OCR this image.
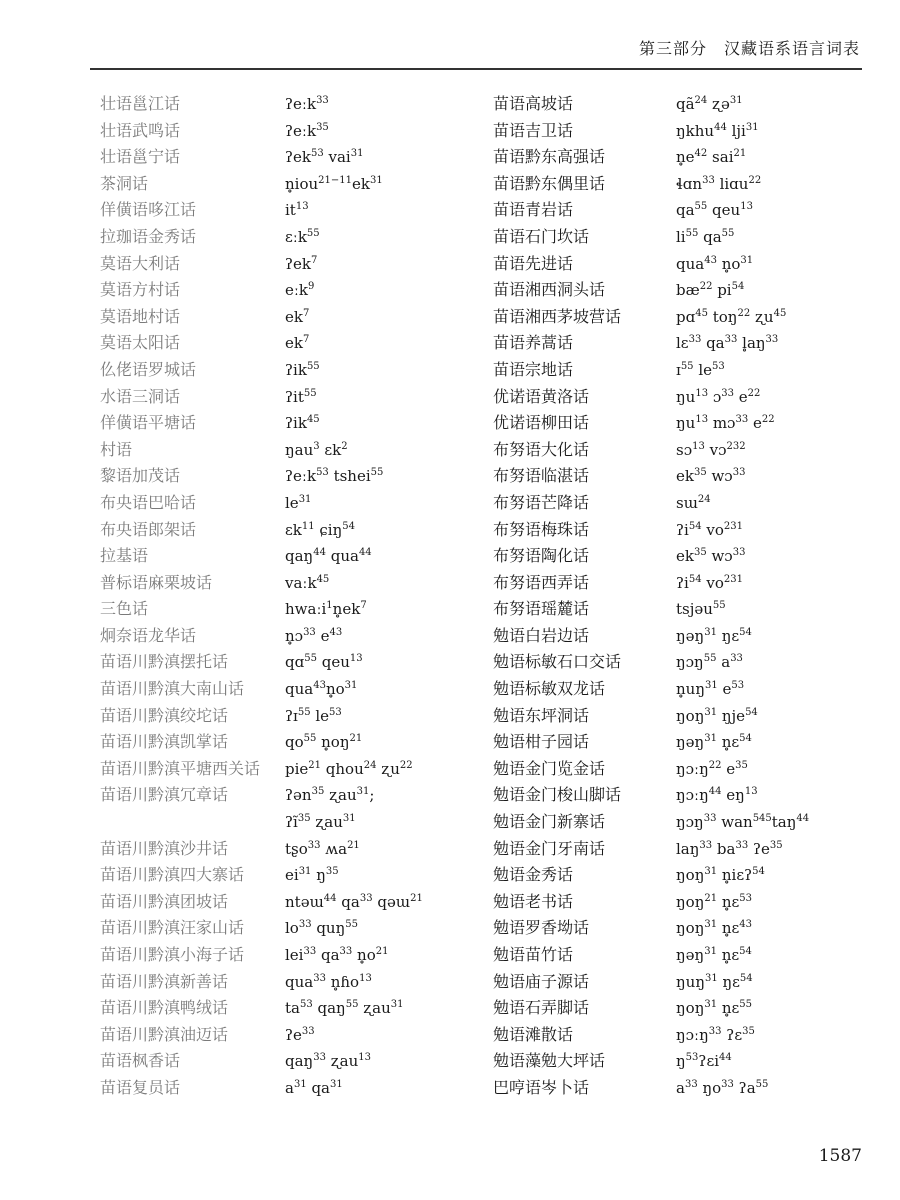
第三部分　汉藏语系语言词表
壮语邕江话	ʔeːk$^{33}$
壮语武鸣话	ʔeːk$^{35}$
壮语邕宁话	ʔek$^{53}$ vai$^{31}$
茶洞话	$n̥iou^{21-11}ek^{31}$
佯僙语哆江话	$it^{13}$
拉珈语金秀话	ɛːk$^{55}$
莫语大利话	ʔek$^7$
莫语方村话	eːk$^9$
莫语地村话	$ek^7$
莫语太阳话	$ek^7$
仫佬语罗城话	ʔik$^{55}$
水语三洞话	ʔit$^{55}$
佯僙语平塘话	ʔik$^{45}$
村语	ŋau$^3$ ɛk$^2$
黎语加茂话	ʔeːk$^{53}$ tshei$^{55}$
布央语巴哈话	$le^{31}$
布央语郎架话	ɛk$^{11}$ ɕiŋ$^{54}$
拉基语	qaŋ$^{44}$ qua$^{44}$
普标语麻栗坡话	vaːk$^{45}$
三色话	$hwaːi^1n̥ek^7$
炯奈语龙华话	n̥ɔ$^{33}$ $e^{43}$
苗语川黔滇摆托话	qɑ$^{55}$ qeu$^{13}$
苗语川黔滇大南山话	$qua^{43}n̥o^{31}$
苗语川黔滇绞坨话	ʔɪ$^{55}$ $le^{53}$
苗语川黔滇凯掌话	$qo^{55}$ $n̥oŋ^{21}$
苗语川黔滇平塘西关话 pie$^{21}$ qhou$^{24}$ ʐu$^{22}$
苗语川黔滇冗章话	ʔən$^{35}$ ʐau$^{31}$;
ʔĩ$^{35}$ ʐau$^{31}$
苗语川黔滇沙井话	tʂo$^{33}$ ʍa$^{21}$
苗语川黔滇四大寨话	$ei^{31}$ $ŋ^{35}$
苗语川黔滇团坡话	ntəɯ$^{44}$ $qa^{33}$ qəɯ$^{21}$
苗语川黔滇汪家山话	$lo^{33}$ quŋ$^{55}$
苗语川黔滇小海子话	lei$^{33}$ $qa^{33}$ $n̥o^{21}$
苗语川黔滇新善话	qua$^{33}$ n̥ɦo$^{13}$
苗语川黔滇鸭绒话	$ta^{53}$ qaŋ$^{55}$ ʐau$^{31}$
苗语川黔滇油迈话	ʔe$^{33}$
苗语枫香话	qaŋ$^{33}$ ʐau$^{13}$
苗语复员话	$a^{31}$ $qa^{31}$
苗语高坡话	$qã^{24}$ ʐə$^{31}$
苗语吉卫话	ŋkhu$^{44}$ lji$^{31}$
苗语黔东高强话	$n̥e^{42}$ sai$^{21}$
苗语黔东偶里话	ɬɑn$^{33}$ liɑu$^{22}$
苗语青岩话	$qa^{55}$ qeu$^{13}$
苗语石门坎话	$li^{55}$ $qa^{55}$
苗语先进话	qua$^{43}$ $n̥o^{31}$
苗语湘西洞头话	$bæ^{22}$ $pi^{54}$
苗语湘西茅坡营话	pɑ$^{45}$ toŋ$^{22}$ ʐu$^{45}$
苗语养蒿话	lɛ$^{33}$ $qa^{33}$ $l̥aŋ^{33}$
苗语宗地话	ɪ$^{55}$ $le^{53}$
优诺语黄洛话	$ŋu^{13}$ ɔ$^{33}$ $e^{22}$
优诺语柳田话	$ŋu^{13}$ mɔ$^{33}$ $e^{22}$
布努语大化话	sɔ$^{13}$ vɔ$^{232}$
布努语临湛话	$ek^{35}$ wɔ$^{33}$
布努语芒降话	sɯ$^{24}$
布努语梅珠话	ʔi$^{54}$ $vo^{231}$
布努语陶化话	$ek^{35}$ wɔ$^{33}$
布努语西弄话	ʔi$^{54}$ $vo^{231}$
布努语瑶麓话	tsjəu$^{55}$
勉语白岩边话	ŋəŋ$^{31}$ ŋɛ$^{54}$
勉语标敏石口交话	ŋɔŋ$^{55}$ $a^{33}$
勉语标敏双龙话	$n̥uŋ^{31}$ $e^{53}$
勉语东坪洞话	ŋoŋ$^{31}$ ŋje$^{54}$
勉语柑子园话	ŋəŋ$^{31}$ n̥ɛ$^{54}$
勉语金门览金话	ŋɔːŋ$^{22}$ $e^{35}$
勉语金门梭山脚话	ŋɔːŋ$^{44}$ $eŋ^{13}$
勉语金门新寨话	ŋɔŋ$^{33}$ wan$^{545}$taŋ$^{44}$
勉语金门牙南话	laŋ$^{33}$ $ba^{33}$ ʔe$^{35}$
勉语金秀话	ŋoŋ$^{31}$ n̥iɛʔ$^{54}$
勉语老书话	ŋoŋ$^{21}$ n̥ɛ$^{53}$
勉语罗香坳话	ŋoŋ$^{31}$ n̥ɛ$^{43}$
勉语苗竹话	ŋəŋ$^{31}$ n̥ɛ$^{54}$
勉语庙子源话	ŋuŋ$^{31}$ ŋɛ$^{54}$
勉语石弄脚话	ŋoŋ$^{31}$ n̥ɛ$^{55}$
勉语滩散话	ŋɔːŋ$^{33}$ ʔɛ$^{35}$
勉语藻勉大坪话	$ŋ^{53}ʔɛi^{44}$
巴哼语岑卜话	$a^{33}$ $ŋo^{33}$ ʔa$^{55}$
1587
